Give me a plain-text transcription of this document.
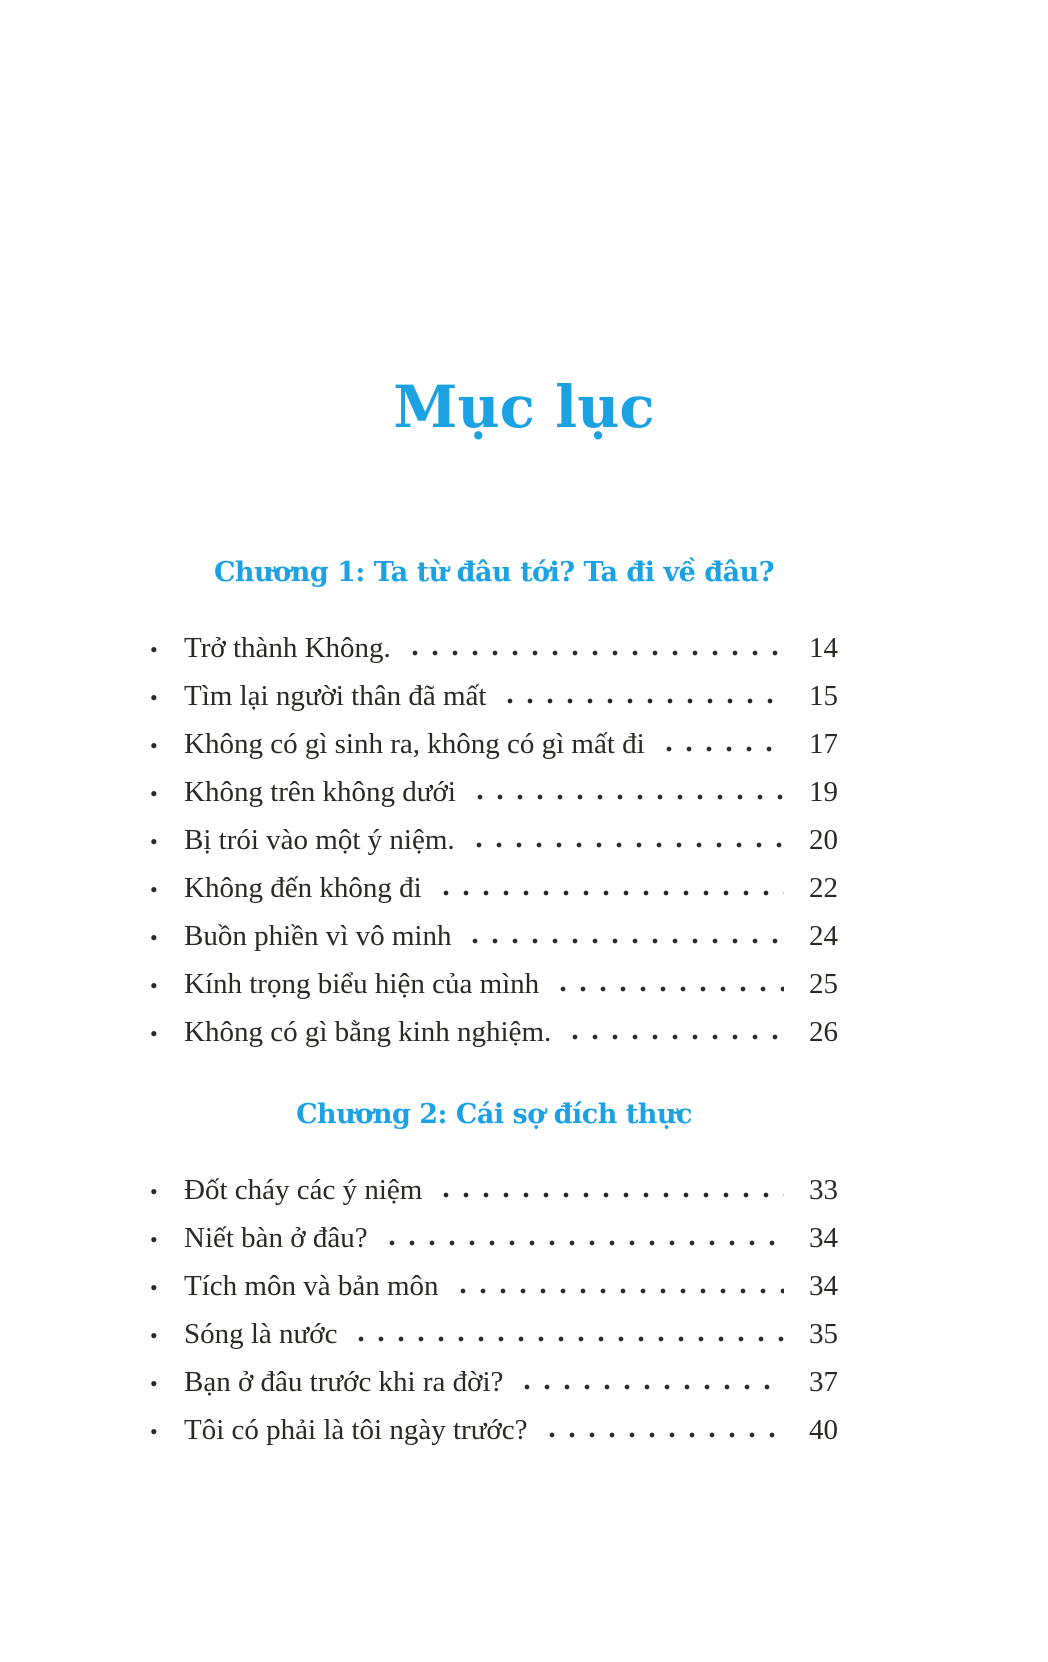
Mục lục
Chương 1: Ta từ đâu tới? Ta đi về đâu?
• Trở thành Không.	14
• Tìm lại người thân đã mất	15
• Không có gì sinh ra, không có gì mất đi	17
• Không trên không dưới	19
• Bị trói vào một ý niệm.	20
• Không đến không đi	22
• Buồn phiền vì vô minh	24
• Kính trọng biểu hiện của mình	25
• Không có gì bằng kinh nghiệm.	26
Chương 2: Cái sợ đích thực
• Đốt cháy các ý niệm	33
• Niết bàn ở đâu?	34
• Tích môn và bản môn	34
• Sóng là nước	35
• Bạn ở đâu trước khi ra đời?	37
• Tôi có phải là tôi ngày trước?	40
